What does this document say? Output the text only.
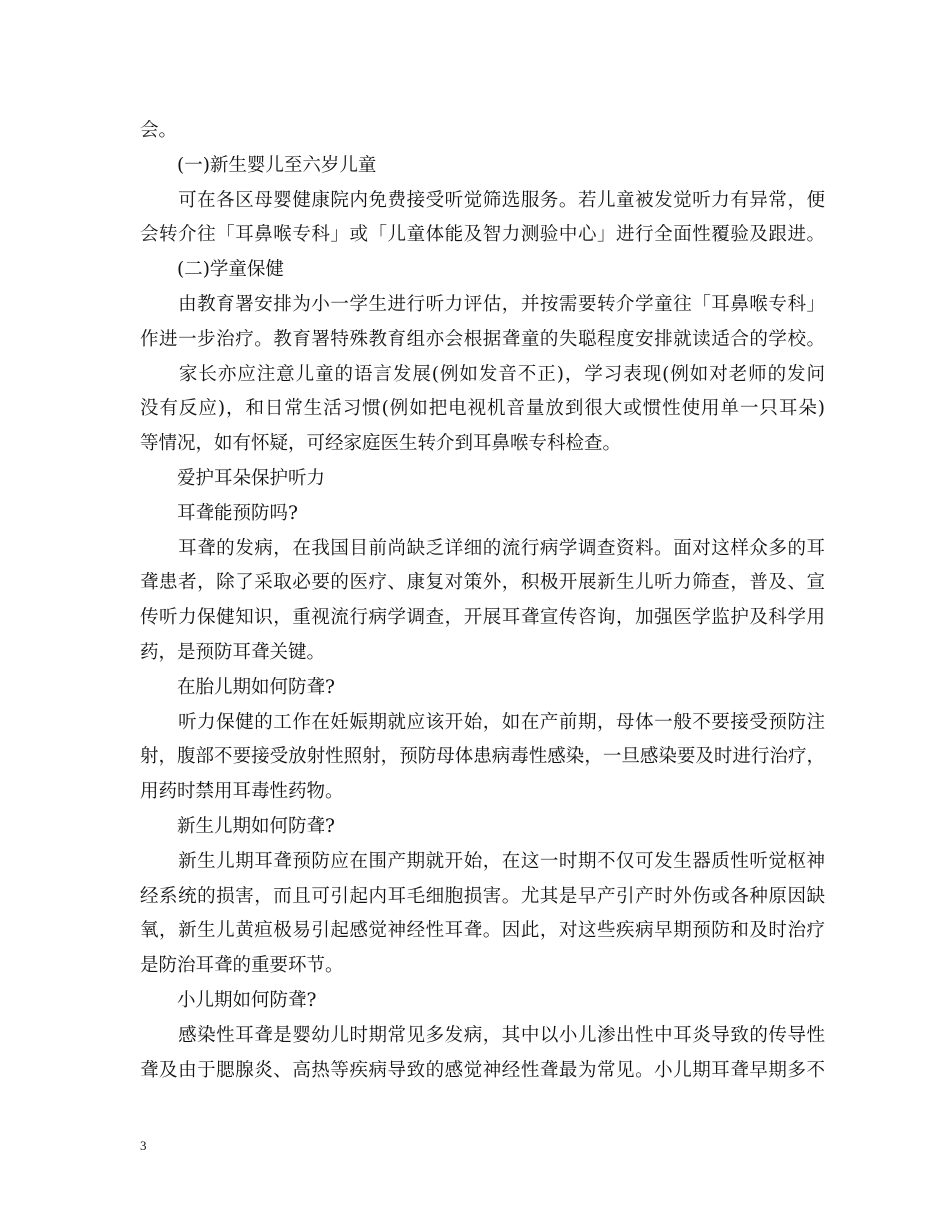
会。
　　(一)新生婴儿至六岁儿童
　　可在各区母婴健康院内免费接受听觉筛选服务。若儿童被发觉听力有异常，便
会转介往「耳鼻喉专科」或「儿童体能及智力测验中心」进行全面性覆验及跟进。
　　(二)学童保健
　　由教育署安排为小一学生进行听力评估，并按需要转介学童往「耳鼻喉专科」
作进一步治疗。教育署特殊教育组亦会根据聋童的失聪程度安排就读适合的学校。
　　家长亦应注意儿童的语言发展(例如发音不正)，学习表现(例如对老师的发问
没有反应)，和日常生活习惯(例如把电视机音量放到很大或惯性使用单一只耳朵)
等情况，如有怀疑，可经家庭医生转介到耳鼻喉专科检查。
　　爱护耳朵保护听力
　　耳聋能预防吗?
　　耳聋的发病，在我国目前尚缺乏详细的流行病学调查资料。面对这样众多的耳
聋患者，除了采取必要的医疗、康复对策外，积极开展新生儿听力筛查，普及、宣
传听力保健知识，重视流行病学调查，开展耳聋宣传咨询，加强医学监护及科学用
药，是预防耳聋关键。
　　在胎儿期如何防聋?
　　听力保健的工作在妊娠期就应该开始，如在产前期，母体一般不要接受预防注
射，腹部不要接受放射性照射，预防母体患病毒性感染，一旦感染要及时进行治疗，
用药时禁用耳毒性药物。
　　新生儿期如何防聋?
　　新生儿期耳聋预防应在围产期就开始，在这一时期不仅可发生器质性听觉枢神
经系统的损害，而且可引起内耳毛细胞损害。尤其是早产引产时外伤或各种原因缺
氧，新生儿黄疸极易引起感觉神经性耳聋。因此，对这些疾病早期预防和及时治疗
是防治耳聋的重要环节。
　　小儿期如何防聋?
　　感染性耳聋是婴幼儿时期常见多发病，其中以小儿渗出性中耳炎导致的传导性
聋及由于腮腺炎、高热等疾病导致的感觉神经性聋最为常见。小儿期耳聋早期多不
3
